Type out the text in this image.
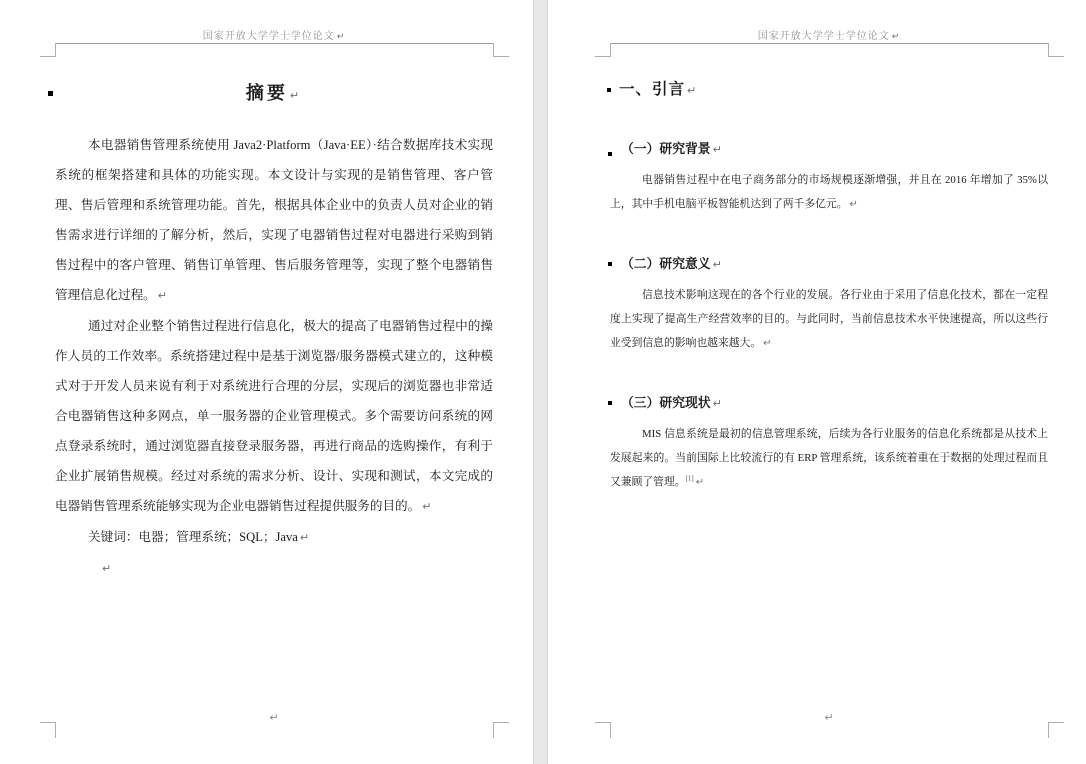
国家开放大学学士学位论文 ↵
摘要 ↵

本电器销售管理系统使用 Java2·Platform（Java·EE）·结合数据库技术实现系统的框架搭建和具体的功能实现。本文设计与实现的是销售管理、客户管理、售后管理和系统管理功能。首先，根据具体企业中的负责人员对企业的销售需求进行详细的了解分析，然后，实现了电器销售过程对电器进行采购到销售过程中的客户管理、销售订单管理、售后服务管理等，实现了整个电器销售管理信息化过程。 ↵

通过对企业整个销售过程进行信息化，极大的提高了电器销售过程中的操作人员的工作效率。系统搭建过程中是基于浏览器/服务器模式建立的，这种模式对于开发人员来说有利于对系统进行合理的分层，实现后的浏览器也非常适合电器销售这种多网点，单一服务器的企业管理模式。多个需要访问系统的网点登录系统时，通过浏览器直接登录服务器，再进行商品的选购操作，有利于企业扩展销售规模。经过对系统的需求分析、设计、实现和测试，本文完成的电器销售管理系统能够实现为企业电器销售过程提供服务的目的。 ↵

关键词：电器；管理系统；SQL；Java ↵

↵

↵
国家开放大学学士学位论文 ↵
一、引言 ↵
（一）研究背景 ↵

电器销售过程中在电子商务部分的市场规模逐渐增强，并且在 2016 年增加了 35%以上，其中手机电脑平板智能机达到了两千多亿元。 ↵

（二）研究意义 ↵

信息技术影响这现在的各个行业的发展。各行业由于采用了信息化技术，都在一定程度上实现了提高生产经营效率的目的。与此同时，当前信息技术水平快速提高，所以这些行业受到信息的影响也越来越大。 ↵

（三）研究现状 ↵

MIS 信息系统是最初的信息管理系统，后续为各行业服务的信息化系统都是从技术上发展起来的。当前国际上比较流行的有 ERP 管理系统，该系统着重在于数据的处理过程而且又兼顾了管理。[1] ↵

↵
